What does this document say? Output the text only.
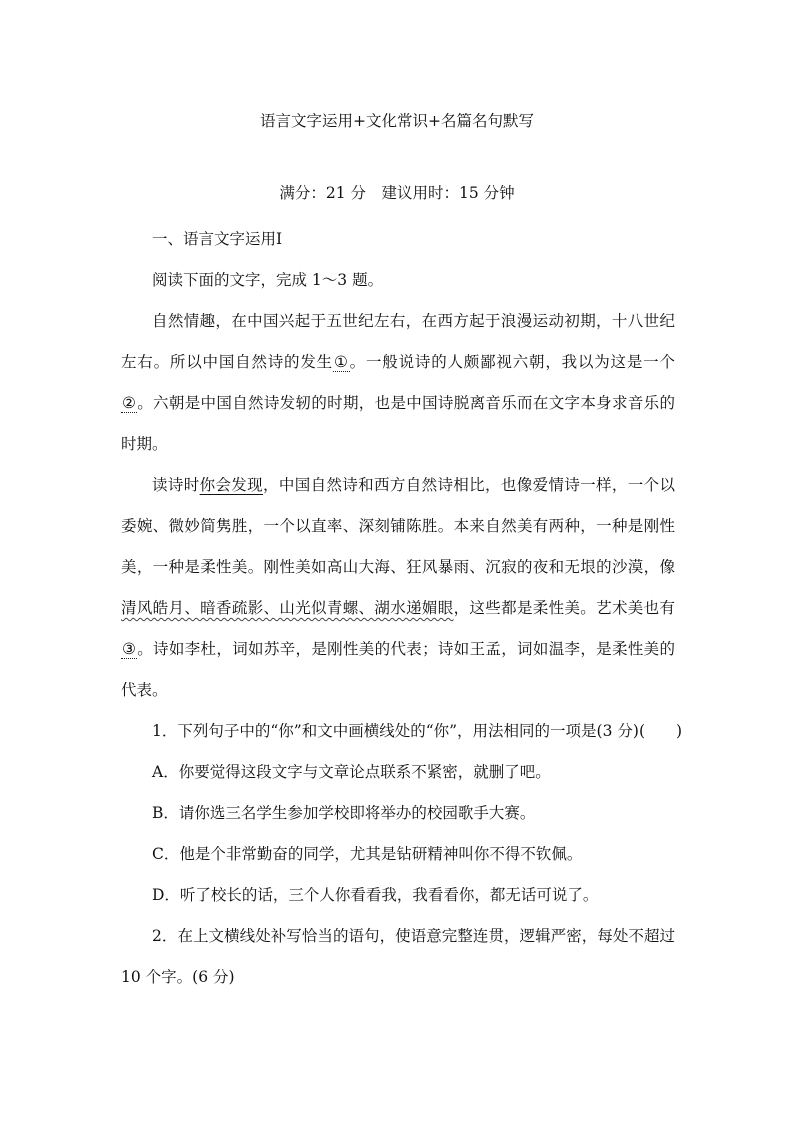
语言文字运用+文化常识+名篇名句默写
满分：21 分　建议用时：15 分钟

一、语言文字运用Ⅰ

阅读下面的文字，完成 1～3 题。

自然情趣，在中国兴起于五世纪左右，在西方起于浪漫运动初期，十八世纪左右。所以中国自然诗的发生①。一般说诗的人颇鄙视六朝，我以为这是一个②。六朝是中国自然诗发轫的时期，也是中国诗脱离音乐而在文字本身求音乐的时期。

读诗时你会发现，中国自然诗和西方自然诗相比，也像爱情诗一样，一个以委婉、微妙简隽胜，一个以直率、深刻铺陈胜。本来自然美有两种，一种是刚性美，一种是柔性美。刚性美如高山大海、狂风暴雨、沉寂的夜和无垠的沙漠，像清风皓月、暗香疏影、山光似青螺、湖水递媚眼，这些都是柔性美。艺术美也有③。诗如李杜，词如苏辛，是刚性美的代表；诗如王孟，词如温李，是柔性美的代表。

1．下列句子中的“你”和文中画横线处的“你”，用法相同的一项是(3 分)(　　)

A．你要觉得这段文字与文章论点联系不紧密，就删了吧。

B．请你选三名学生参加学校即将举办的校园歌手大赛。

C．他是个非常勤奋的同学，尤其是钻研精神叫你不得不钦佩。

D．听了校长的话，三个人你看看我，我看看你，都无话可说了。

2．在上文横线处补写恰当的语句，使语意完整连贯，逻辑严密，每处不超过 10 个字。(6 分)
